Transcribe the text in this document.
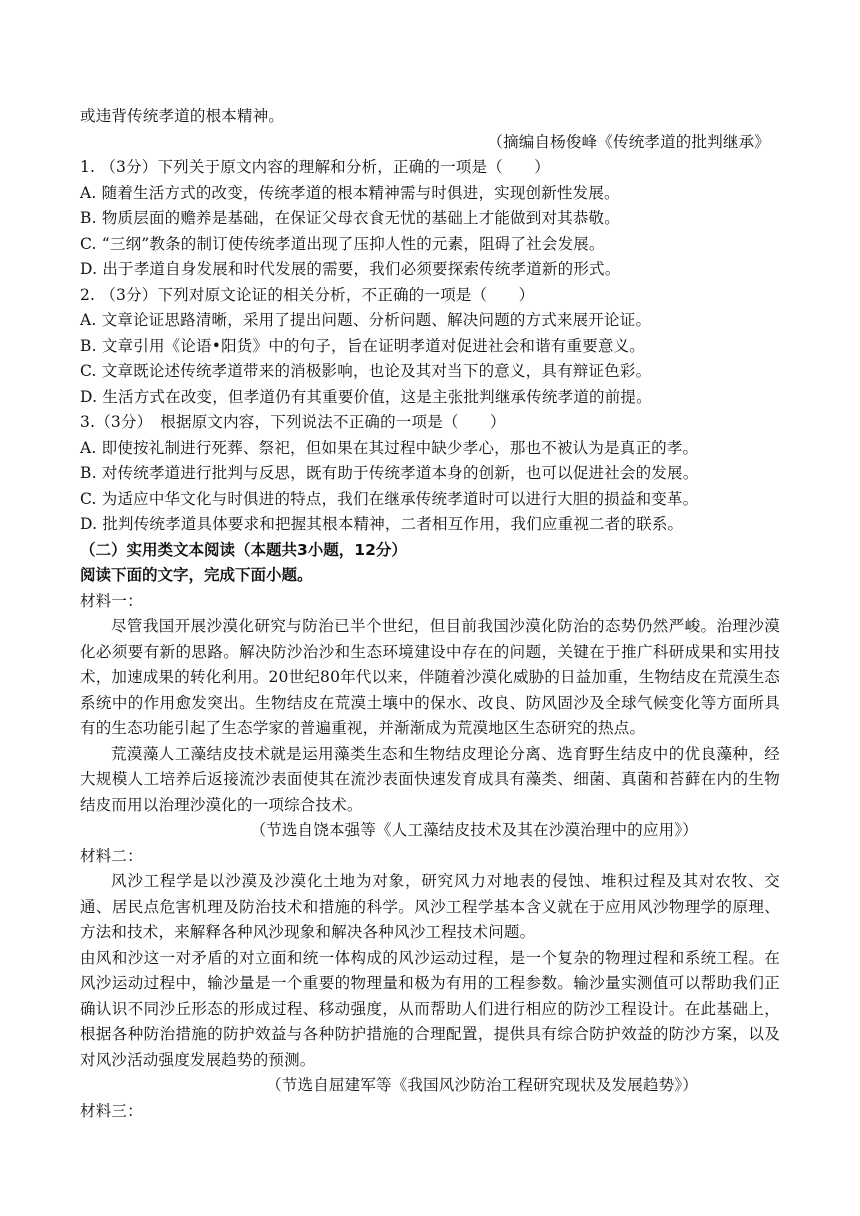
或违背传统孝道的根本精神。
（摘编自杨俊峰《传统孝道的批判继承》
1. （3分）下列关于原文内容的理解和分析，正确的一项是（　　）
A. 随着生活方式的改变，传统孝道的根本精神需与时俱进，实现创新性发展。
B. 物质层面的赡养是基础，在保证父母衣食无忧的基础上才能做到对其恭敬。
C. “三纲”教条的制订使传统孝道出现了压抑人性的元素，阻碍了社会发展。
D. 出于孝道自身发展和时代发展的需要，我们必须要探索传统孝道新的形式。
2. （3分）下列对原文论证的相关分析，不正确的一项是（　　）
A. 文章论证思路清晰，采用了提出问题、分析问题、解决问题的方式来展开论证。
B. 文章引用《论语•阳货》中的句子，旨在证明孝道对促进社会和谐有重要意义。
C. 文章既论述传统孝道带来的消极影响，也论及其对当下的意义，具有辩证色彩。
D. 生活方式在改变，但孝道仍有其重要价值，这是主张批判继承传统孝道的前提。
3.（3分）　根据原文内容，下列说法不正确的一项是（　　）
A. 即使按礼制进行死葬、祭祀，但如果在其过程中缺少孝心，那也不被认为是真正的孝。
B. 对传统孝道进行批判与反思，既有助于传统孝道本身的创新，也可以促进社会的发展。
C. 为适应中华文化与时俱进的特点，我们在继承传统孝道时可以进行大胆的损益和变革。
D. 批判传统孝道具体要求和把握其根本精神，二者相互作用，我们应重视二者的联系。
（二）实用类文本阅读（本题共3小题，12分）
阅读下面的文字，完成下面小题。
材料一：
尽管我国开展沙漠化研究与防治已半个世纪，但目前我国沙漠化防治的态势仍然严峻。治理沙漠化必须要有新的思路。解决防沙治沙和生态环境建设中存在的问题，关键在于推广科研成果和实用技术，加速成果的转化利用。20世纪80年代以来，伴随着沙漠化威胁的日益加重，生物结皮在荒漠生态系统中的作用愈发突出。生物结皮在荒漠土壤中的保水、改良、防风固沙及全球气候变化等方面所具有的生态功能引起了生态学家的普遍重视，并渐渐成为荒漠地区生态研究的热点。
荒漠藻人工藻结皮技术就是运用藻类生态和生物结皮理论分离、选育野生结皮中的优良藻种，经大规模人工培养后返接流沙表面使其在流沙表面快速发育成具有藻类、细菌、真菌和苔藓在内的生物结皮而用以治理沙漠化的一项综合技术。
（节选自饶本强等《人工藻结皮技术及其在沙漠治理中的应用》）
材料二：
风沙工程学是以沙漠及沙漠化土地为对象，研究风力对地表的侵蚀、堆积过程及其对农牧、交通、居民点危害机理及防治技术和措施的科学。风沙工程学基本含义就在于应用风沙物理学的原理、方法和技术，来解释各种风沙现象和解决各种风沙工程技术问题。
由风和沙这一对矛盾的对立面和统一体构成的风沙运动过程，是一个复杂的物理过程和系统工程。在风沙运动过程中，输沙量是一个重要的物理量和极为有用的工程参数。输沙量实测值可以帮助我们正确认识不同沙丘形态的形成过程、移动强度，从而帮助人们进行相应的防沙工程设计。在此基础上，根据各种防治措施的防护效益与各种防护措施的合理配置，提供具有综合防护效益的防沙方案，以及对风沙活动强度发展趋势的预测。
（节选自屈建军等《我国风沙防治工程研究现状及发展趋势》）
材料三：
